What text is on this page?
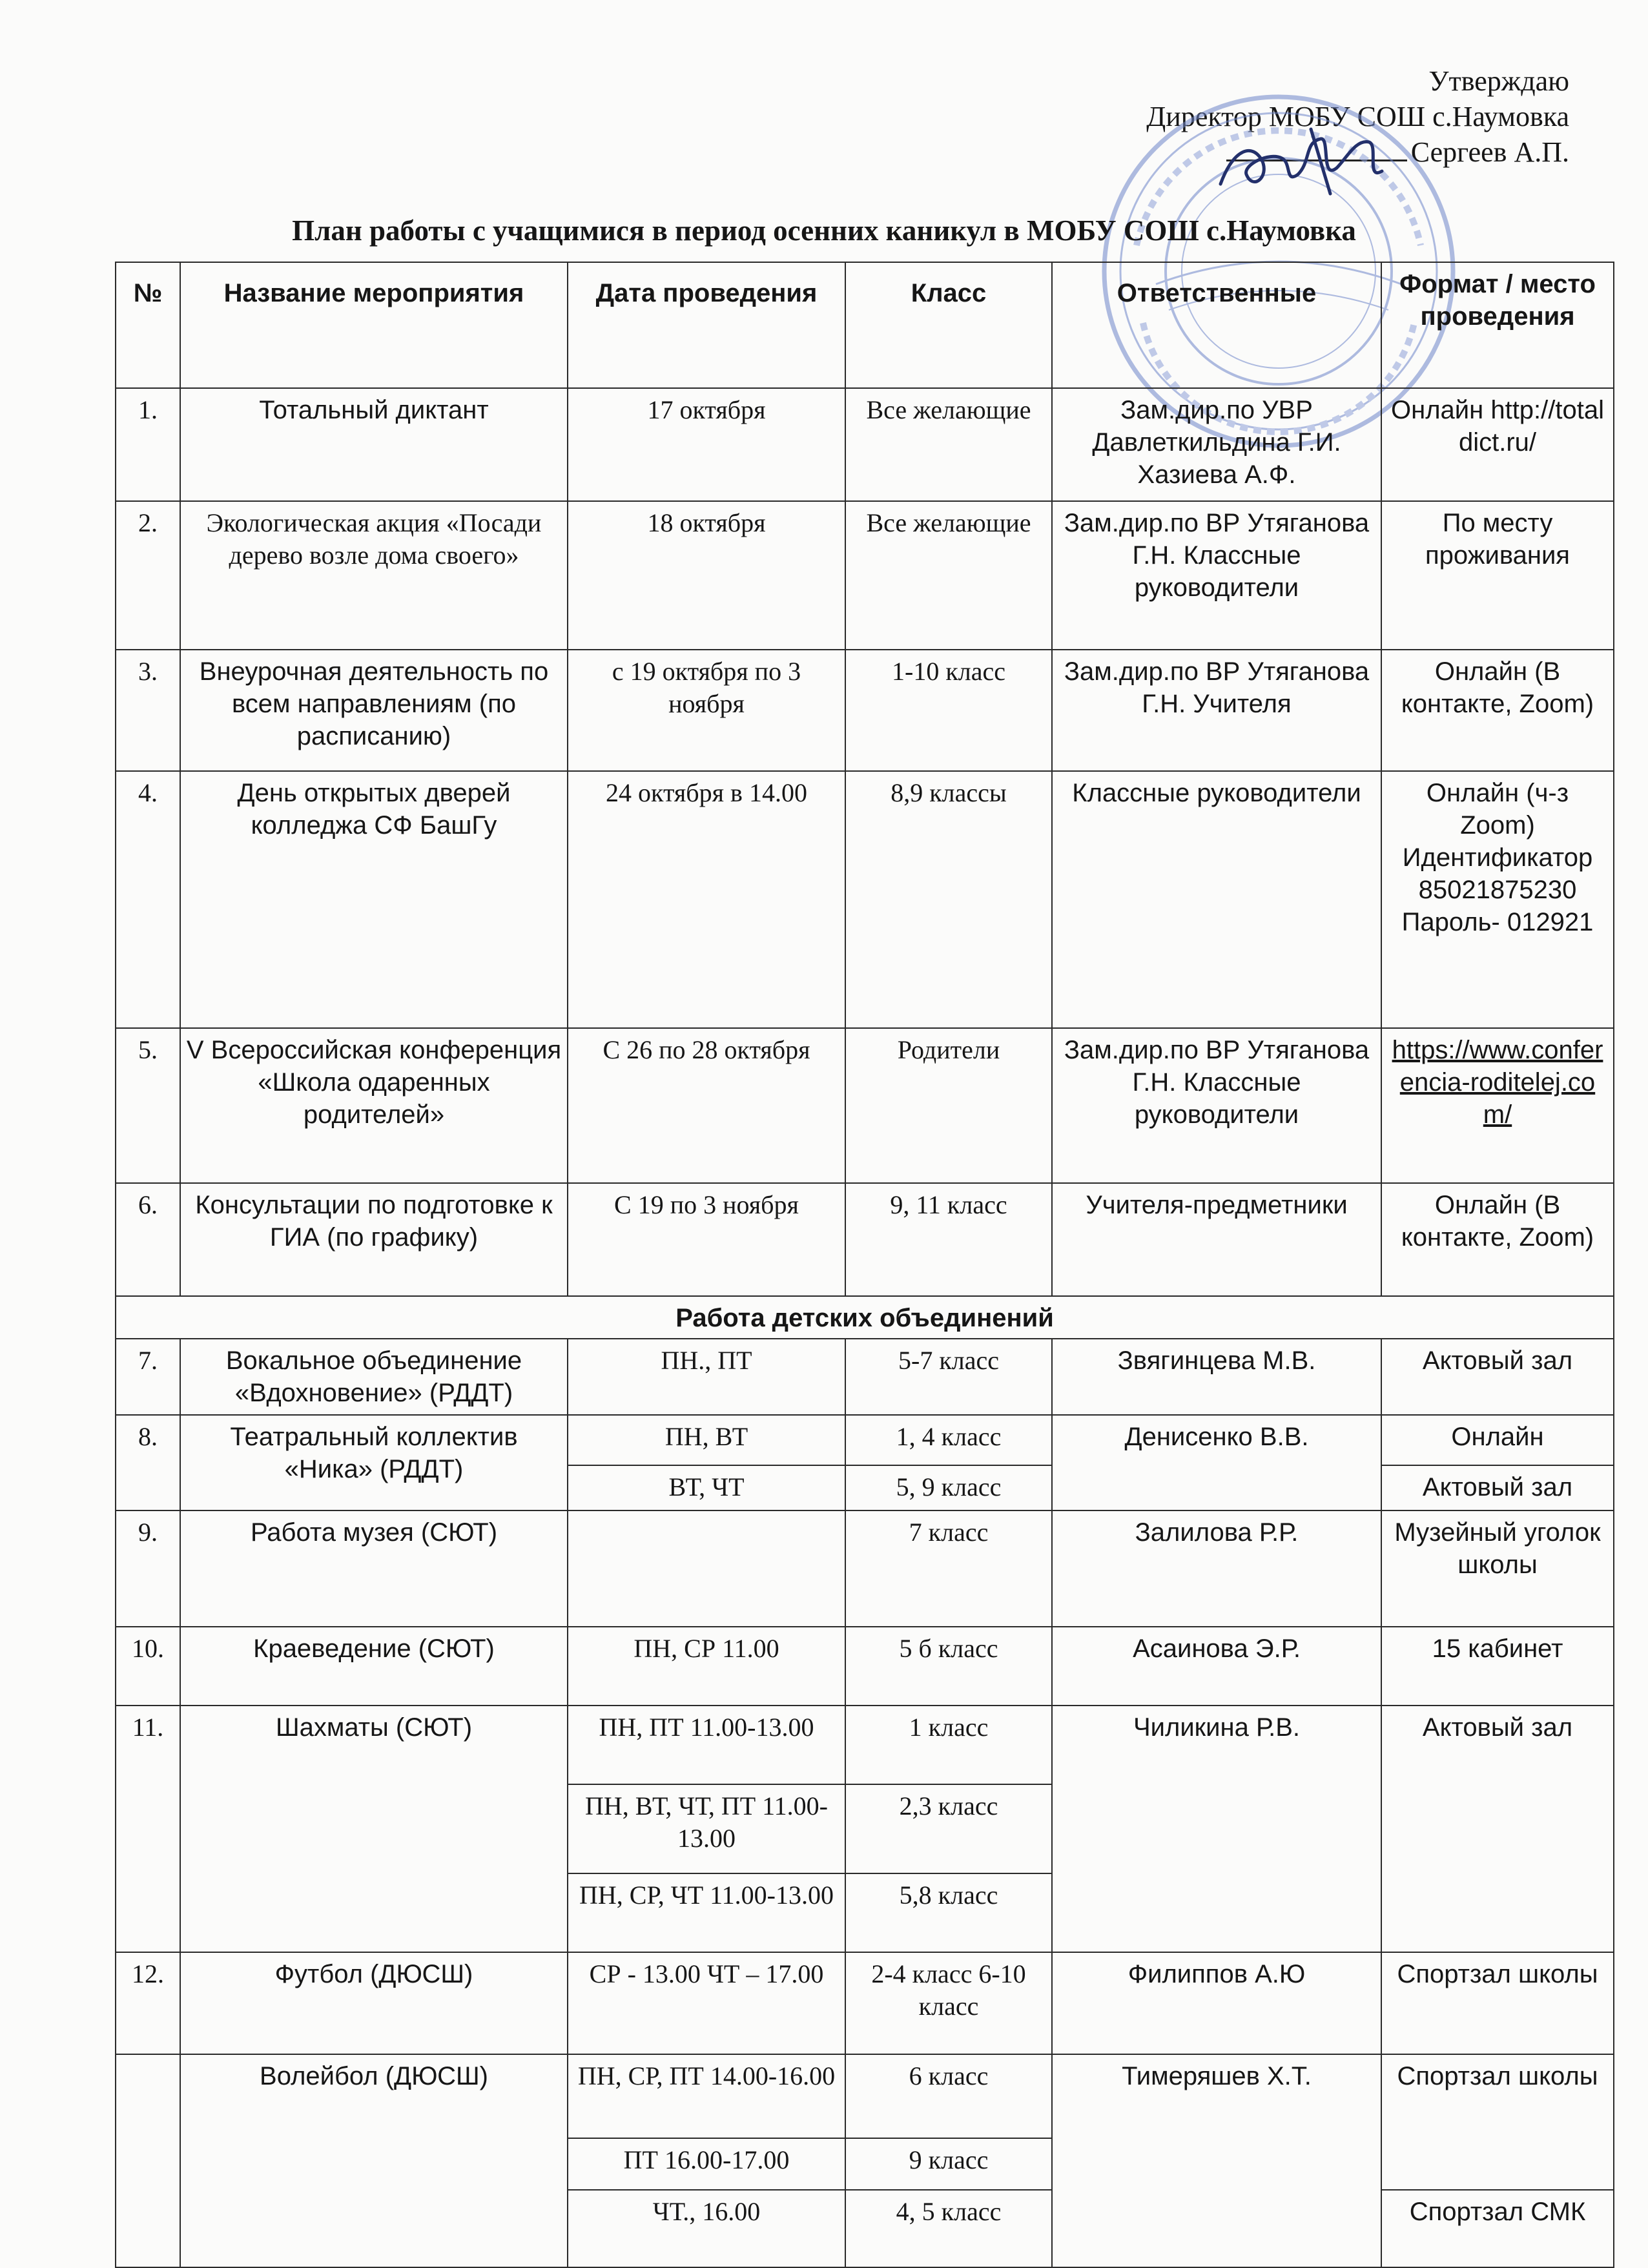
Утверждаю
Директор МОБУ СОШ с.Наумовка
Сергеев А.П.
План работы с учащимися в период осенних каникул в МОБУ СОШ с.Наумовка
№	Название мероприятия	Дата проведения	Класс	Ответственные	Формат / место проведения
1.	Тотальный диктант	17 октября	Все желающие	Зам.дир.по УВР Давлеткильдина Г.И. Хазиева А.Ф.	Онлайн http://totaldict.ru/
2.	Экологическая акция «Посади дерево возле дома своего»	18 октября	Все желающие	Зам.дир.по ВР Утяганова Г.Н. Классные руководители	По месту проживания
3.	Внеурочная деятельность по всем направлениям (по расписанию)	с 19 октября по 3 ноября	1-10 класс	Зам.дир.по ВР Утяганова Г.Н. Учителя	Онлайн (В контакте, Zoom)
4.	День открытых дверей колледжа СФ БашГу	24 октября в 14.00	8,9 классы	Классные руководители	Онлайн (ч-з Zoom) Идентификатор 85021875230 Пароль- 012921
5.	V Всероссийская конференция «Школа одаренных родителей»	С 26 по 28 октября	Родители	Зам.дир.по ВР Утяганова Г.Н. Классные руководители	https://www.conferencia-roditelej.com/
6.	Консультации по подготовке к ГИА (по графику)	С 19 по 3 ноября	9, 11 класс	Учителя-предметники	Онлайн (В контакте, Zoom)
Работа детских объединений					
7.	Вокальное объединение «Вдохновение» (РДДТ)	ПН., ПТ	5-7 класс	Звягинцева М.В.	Актовый зал
8.	Театральный коллектив «Ника» (РДДТ)	ПН, ВТ	1, 4 класс	Денисенко В.В.	Онлайн
		ВТ, ЧТ	5, 9 класс		Актовый зал
9.	Работа музея (СЮТ)		7 класс	Залилова Р.Р.	Музейный уголок школы
10.	Краеведение (СЮТ)	ПН, СР 11.00	5 б класс	Асаинова Э.Р.	15 кабинет
11.	Шахматы (СЮТ)	ПН, ПТ 11.00-13.00	1 класс	Чиликина Р.В.	Актовый зал
		ПН, ВТ, ЧТ, ПТ 11.00-13.00	2,3 класс		
		ПН, СР, ЧТ 11.00-13.00	5,8 класс		
12.	Футбол (ДЮСШ)	СР - 13.00 ЧТ – 17.00	2-4 класс 6-10 класс	Филиппов А.Ю	Спортзал школы
	Волейбол (ДЮСШ)	ПН, СР, ПТ 14.00-16.00	6 класс	Тимеряшев Х.Т.	Спортзал школы
		ПТ 16.00-17.00	9 класс		
		ЧТ., 16.00	4, 5 класс		Спортзал СМК
